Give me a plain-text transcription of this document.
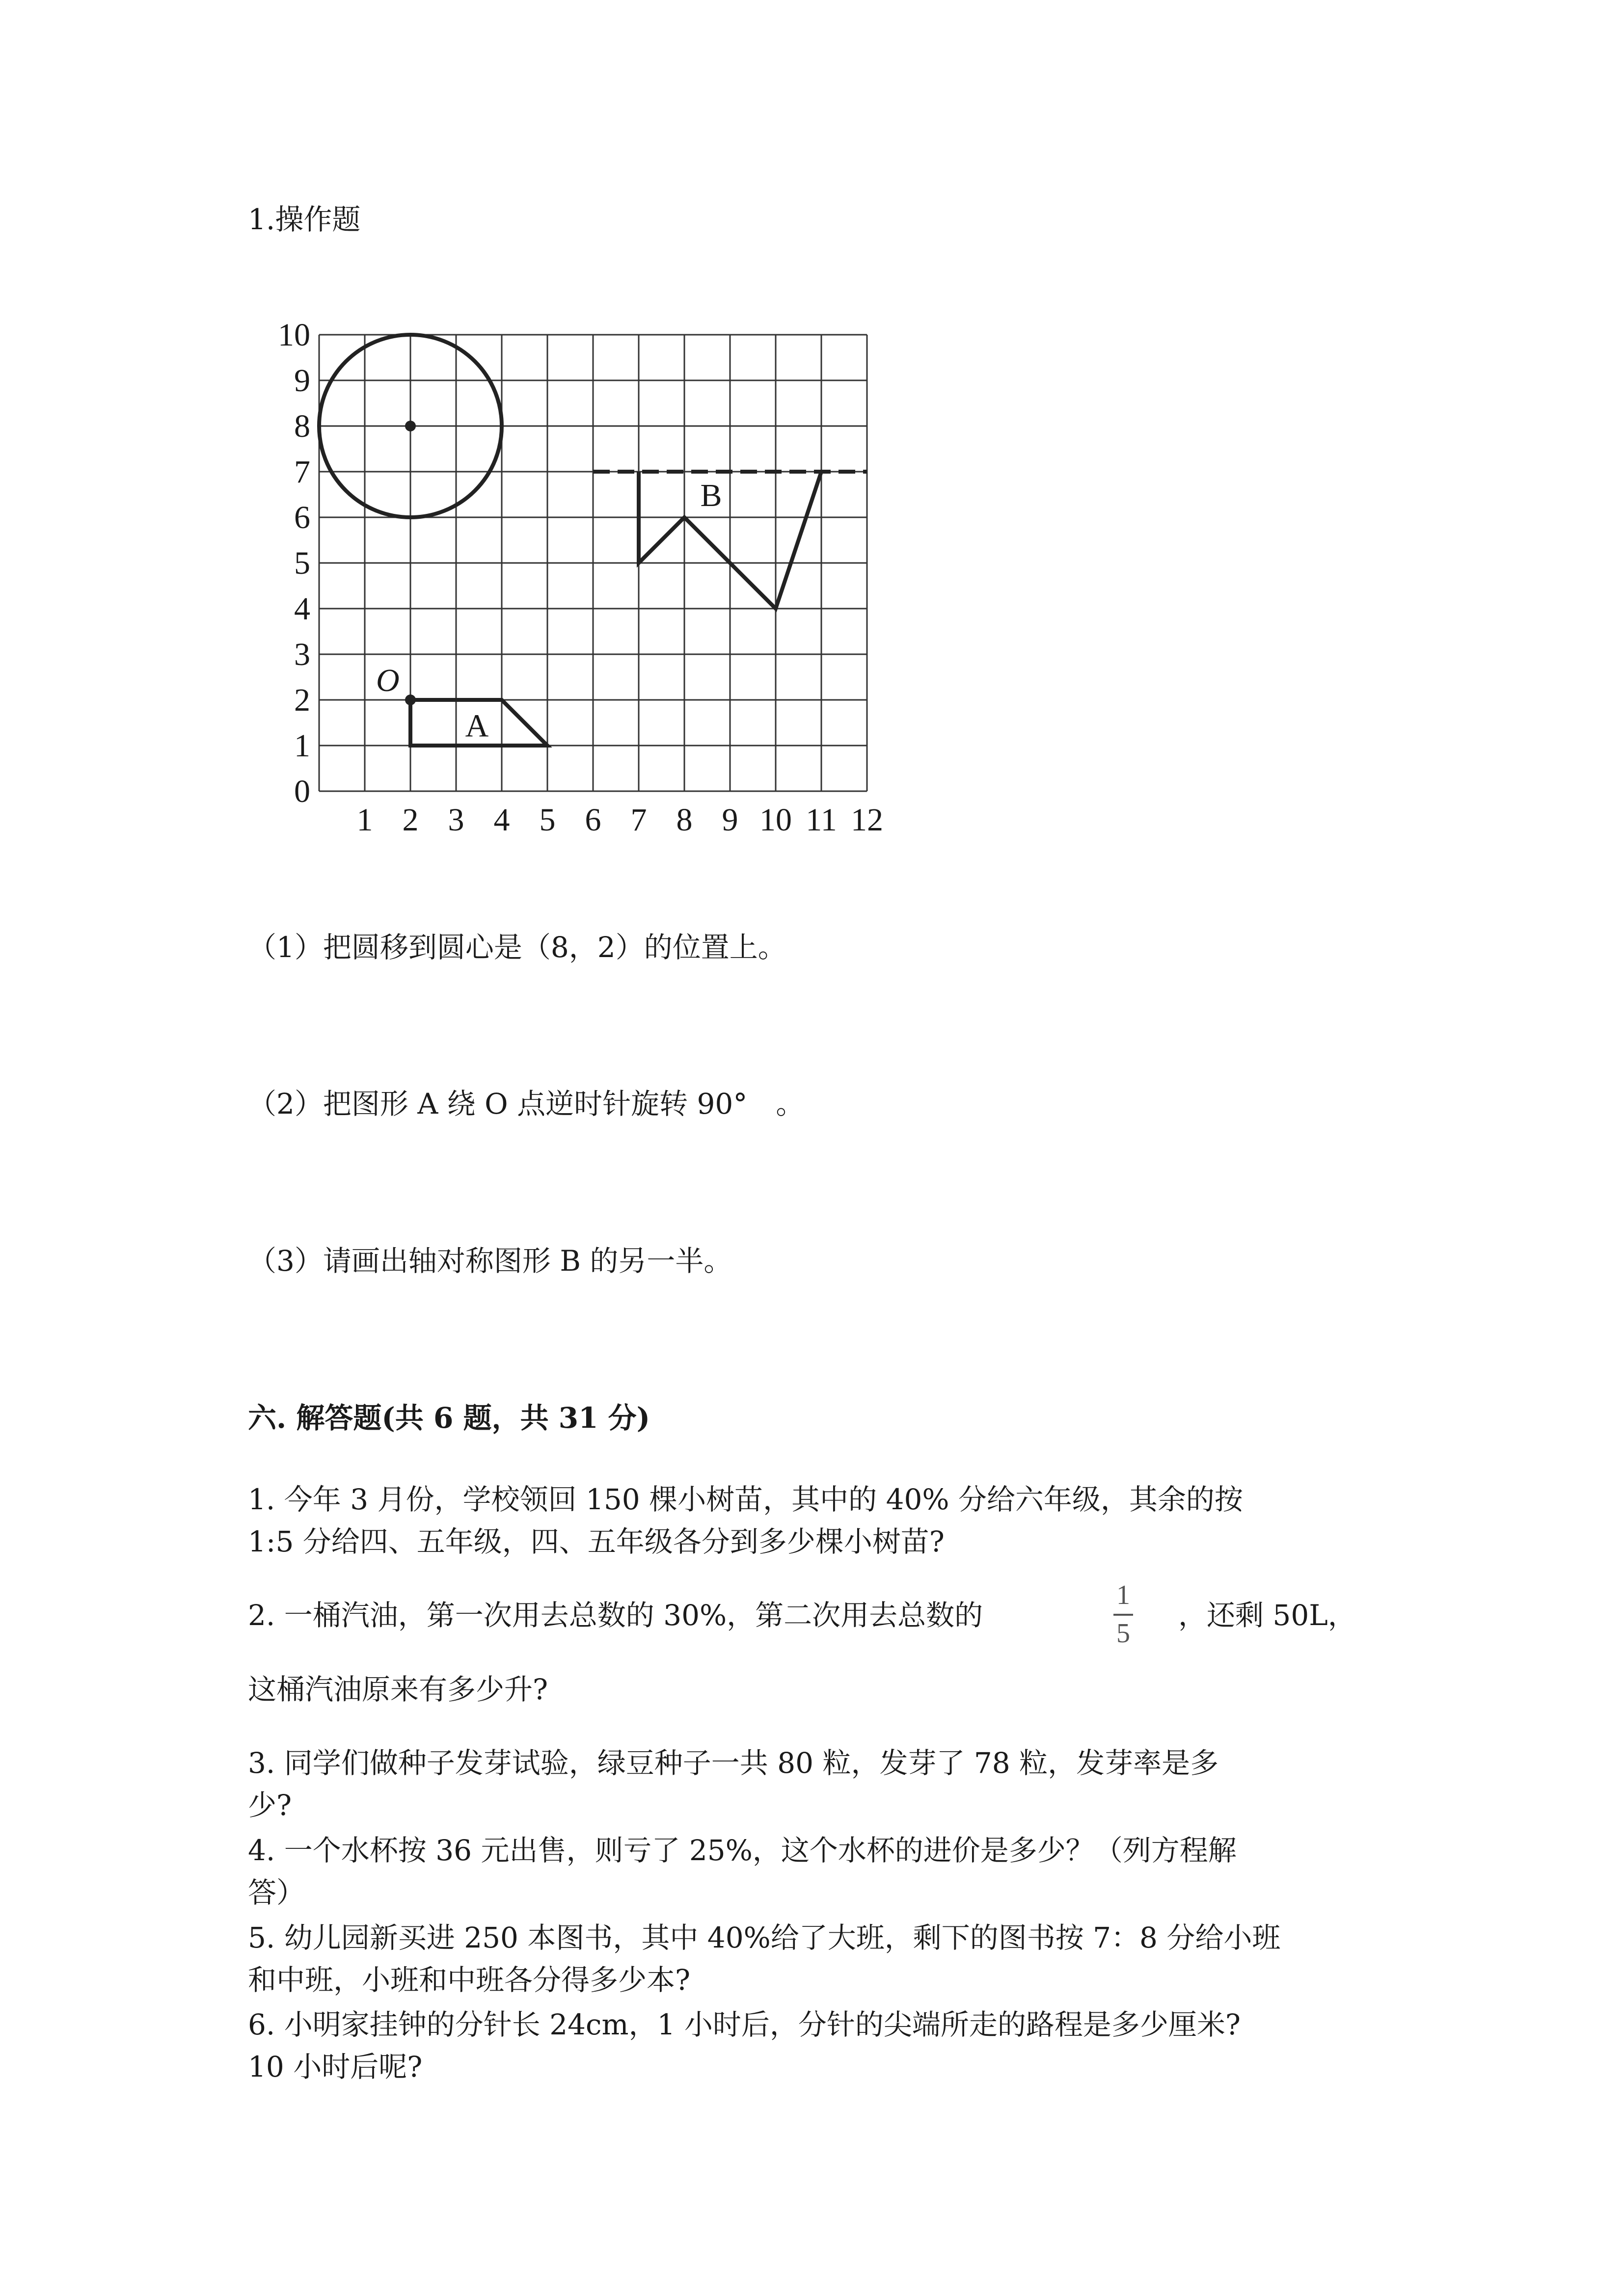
1.操作题
0
1
2
3
4
5
6
7
8
9
10
1 2 3 4 5 6 7 8 9 10 11 12
O
A
B
（1）把圆移到圆心是（8，2）的位置上。
（2）把图形 A 绕 O 点逆时针旋转 90°　。
（3）请画出轴对称图形 B 的另一半。
六. 解答题(共 6 题，共 31 分)
1. 今年 3 月份，学校领回 150 棵小树苗，其中的 40% 分给六年级，其余的按
1:5 分给四、五年级，四、五年级各分到多少棵小树苗?
2. 一桶汽油，第一次用去总数的 30%，第二次用去总数的
1
5
，还剩 50L，
这桶汽油原来有多少升?
3. 同学们做种子发芽试验，绿豆种子一共 80 粒，发芽了 78 粒，发芽率是多
少?
4. 一个水杯按 36 元出售，则亏了 25%，这个水杯的进价是多少？（列方程解
答）
5. 幼儿园新买进 250 本图书，其中 40%给了大班，剩下的图书按 7：8 分给小班
和中班，小班和中班各分得多少本?
6. 小明家挂钟的分针长 24cm，1 小时后，分针的尖端所走的路程是多少厘米?
10 小时后呢?
